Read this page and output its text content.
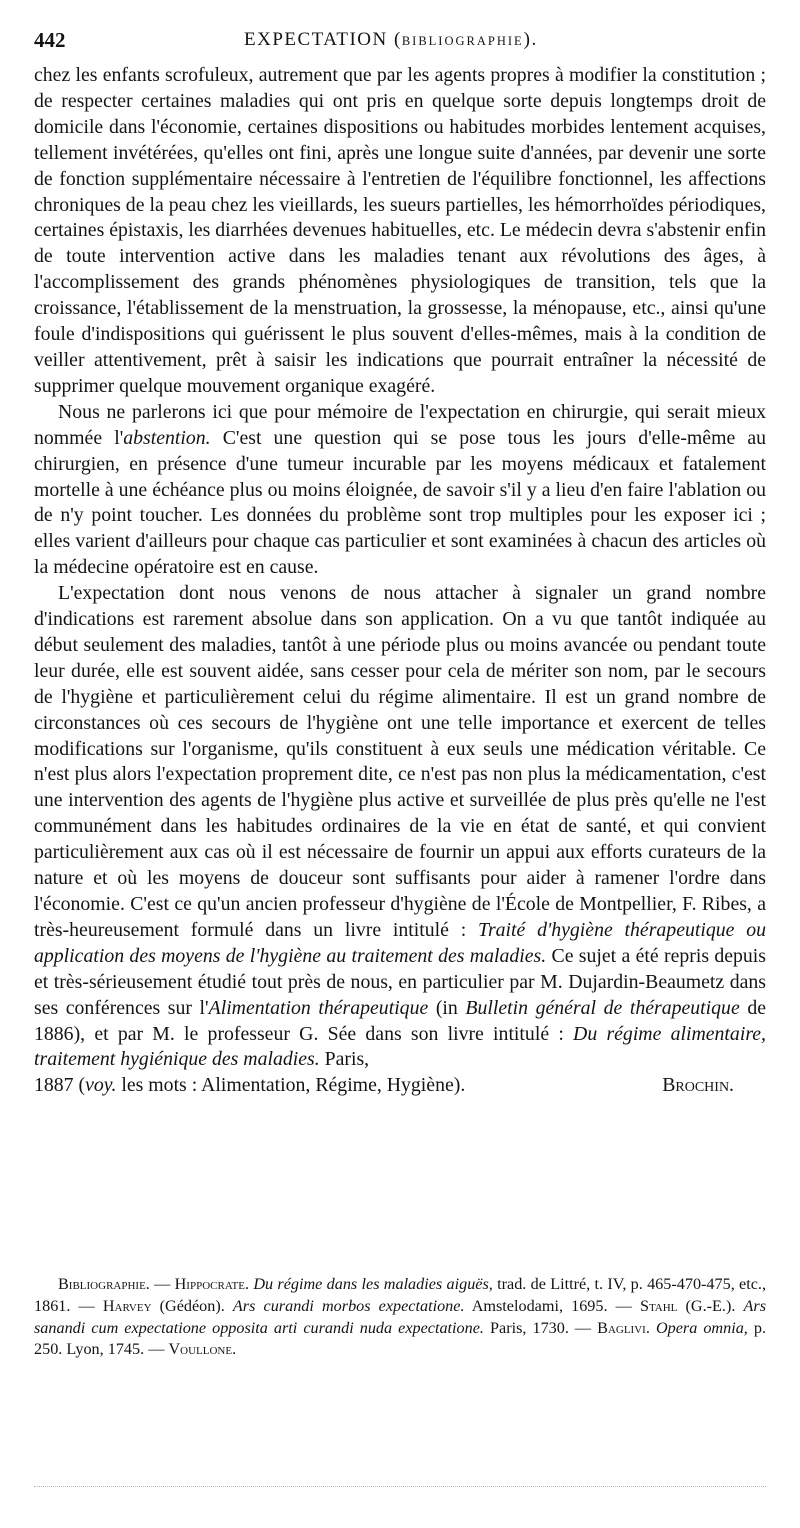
442	EXPECTATION (BIBLIOGRAPHIE).

chez les enfants scrofuleux, autrement que par les agents propres à modifier la constitution ; de respecter certaines maladies qui ont pris en quelque sorte depuis longtemps droit de domicile dans l'économie, certaines dispositions ou habitudes morbides lentement acquises, tellement invétérées, qu'elles ont fini, après une longue suite d'années, par devenir une sorte de fonction supplémentaire nécessaire à l'entretien de l'équilibre fonctionnel, les affections chroniques de la peau chez les vieillards, les sueurs partielles, les hémorrhoïdes périodiques, certaines épistaxis, les diarrhées devenues habituelles, etc. Le médecin devra s'abstenir enfin de toute intervention active dans les maladies tenant aux révolutions des âges, à l'accomplissement des grands phénomènes physiologiques de transition, tels que la croissance, l'établissement de la menstruation, la grossesse, la ménopause, etc., ainsi qu'une foule d'indispositions qui guérissent le plus souvent d'elles-mêmes, mais à la condition de veiller attentivement, prêt à saisir les indications que pourrait entraîner la nécessité de supprimer quelque mouvement organique exagéré.

Nous ne parlerons ici que pour mémoire de l'expectation en chirurgie, qui serait mieux nommée l'abstention. C'est une question qui se pose tous les jours d'elle-même au chirurgien, en présence d'une tumeur incurable par les moyens médicaux et fatalement mortelle à une échéance plus ou moins éloignée, de savoir s'il y a lieu d'en faire l'ablation ou de n'y point toucher. Les données du problème sont trop multiples pour les exposer ici ; elles varient d'ailleurs pour chaque cas particulier et sont examinées à chacun des articles où la médecine opératoire est en cause.

L'expectation dont nous venons de nous attacher à signaler un grand nombre d'indications est rarement absolue dans son application. On a vu que tantôt indiquée au début seulement des maladies, tantôt à une période plus ou moins avancée ou pendant toute leur durée, elle est souvent aidée, sans cesser pour cela de mériter son nom, par le secours de l'hygiène et particulièrement celui du régime alimentaire. Il est un grand nombre de circonstances où ces secours de l'hygiène ont une telle importance et exercent de telles modifications sur l'organisme, qu'ils constituent à eux seuls une médication véritable. Ce n'est plus alors l'expectation proprement dite, ce n'est pas non plus la médicamentation, c'est une intervention des agents de l'hygiène plus active et surveillée de plus près qu'elle ne l'est communément dans les habitudes ordinaires de la vie en état de santé, et qui convient particulièrement aux cas où il est nécessaire de fournir un appui aux efforts curateurs de la nature et où les moyens de douceur sont suffisants pour aider à ramener l'ordre dans l'économie. C'est ce qu'un ancien professeur d'hygiène de l'École de Montpellier, F. Ribes, a très-heureusement formulé dans un livre intitulé : Traité d'hygiène thérapeutique ou application des moyens de l'hygiène au traitement des maladies. Ce sujet a été repris depuis et très-sérieusement étudié tout près de nous, en particulier par M. Dujardin-Beaumetz dans ses conférences sur l'Alimentation thérapeutique (in Bulletin général de thérapeutique de 1886), et par M. le professeur G. Sée dans son livre intitulé : Du régime alimentaire, traitement hygiénique des maladies. Paris,

1887 (voy. les mots : Alimentation, Régime, Hygiène).	Brochin.

Bibliographie. — Hippocrate. Du régime dans les maladies aiguës, trad. de Littré, t. IV, p. 465-470-475, etc., 1861. — Harvey (Gédéon). Ars curandi morbos expectatione. Amstelodami, 1695. — Stahl (G.-E.). Ars sanandi cum expectatione opposita arti curandi nuda expectatione. Paris, 1730. — Baglivi. Opera omnia, p. 250. Lyon, 1745. — Voullone.
